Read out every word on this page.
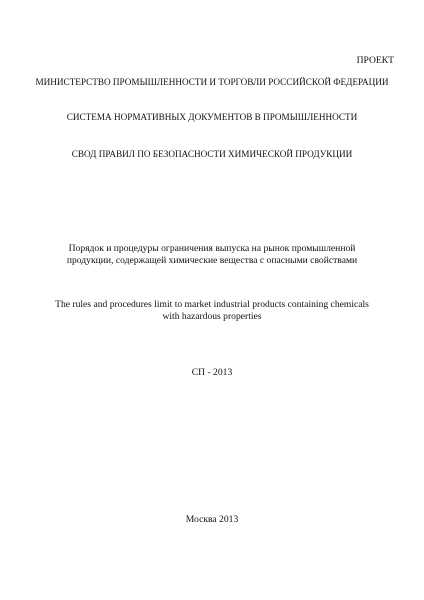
ПРОЕКТ
МИНИСТЕРСТВО ПРОМЫШЛЕННОСТИ И ТОРГОВЛИ РОССИЙСКОЙ ФЕДЕРАЦИИ
СИСТЕМА НОРМАТИВНЫХ ДОКУМЕНТОВ В ПРОМЫШЛЕННОСТИ
СВОД ПРАВИЛ ПО БЕЗОПАСНОСТИ ХИМИЧЕСКОЙ ПРОДУКЦИИ
Порядок и процедуры ограничения выпуска на рынок промышленной
продукции, содержащей химические вещества с опасными свойствами
The rules and procedures limit to market industrial products containing chemicals
with hazardous properties
СП - 2013
Москва 2013
